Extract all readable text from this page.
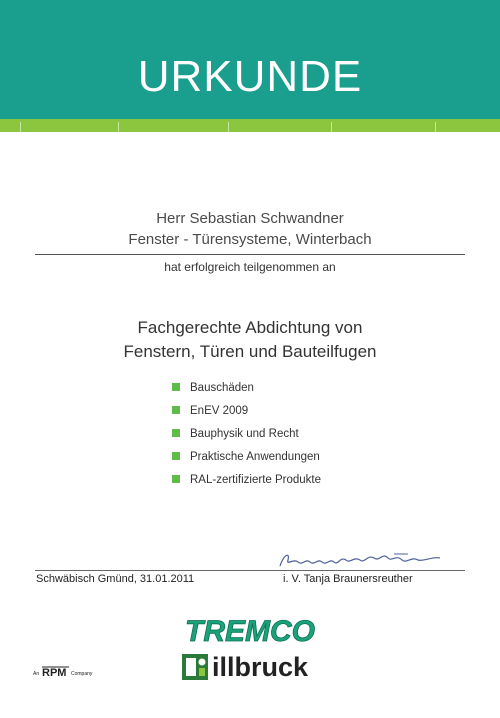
URKUNDE
Herr Sebastian Schwandner
Fenster - Türensysteme, Winterbach
hat erfolgreich teilgenommen an
Fachgerechte Abdichtung von
Fenstern, Türen und Bauteilfugen
Bauschäden
EnEV 2009
Bauphysik und Recht
Praktische Anwendungen
RAL-zertifizierte Produkte
Schwäbisch Gmünd, 31.01.2011	i. V. Tanja Braunersreuther
TREMCO
illbruck
An RPM Company
